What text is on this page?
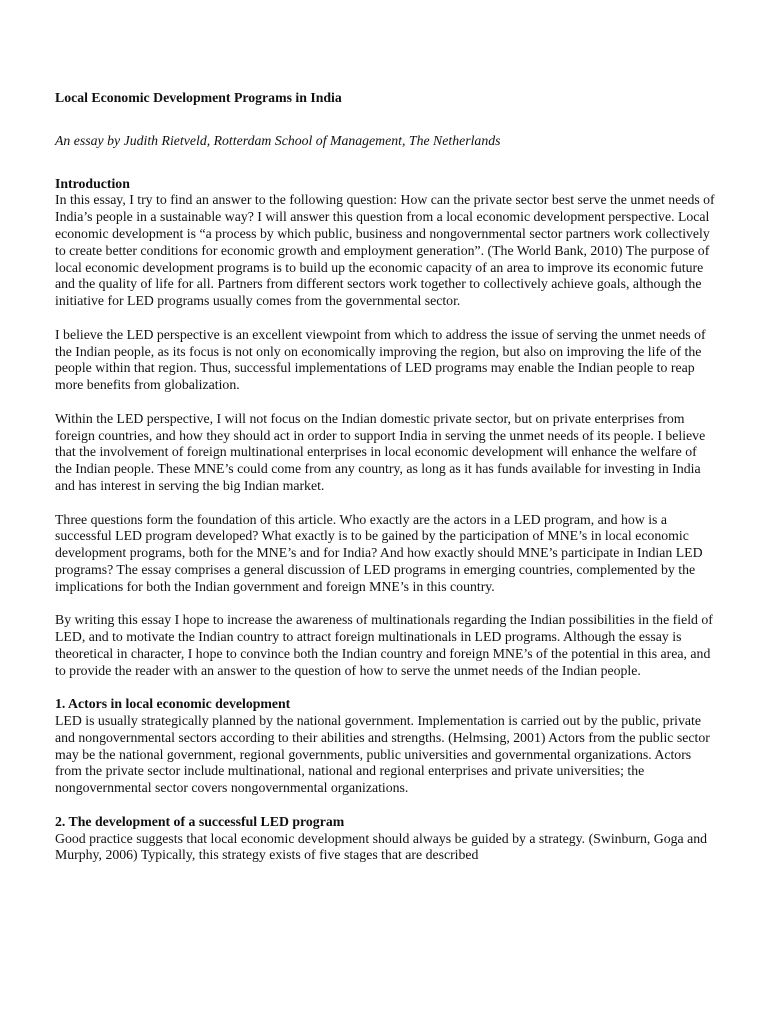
Local Economic Development Programs in India

An essay by Judith Rietveld, Rotterdam School of Management, The Netherlands

Introduction

In this essay, I try to find an answer to the following question: How can the private sector best serve the unmet needs of India’s people in a sustainable way? I will answer this question from a local economic development perspective. Local economic development is “a process by which public, business and nongovernmental sector partners work collectively to create better conditions for economic growth and employment generation”. (The World Bank, 2010) The purpose of local economic development programs is to build up the economic capacity of an area to improve its economic future and the quality of life for all. Partners from different sectors work together to collectively achieve goals, although the initiative for LED programs usually comes from the governmental sector.

I believe the LED perspective is an excellent viewpoint from which to address the issue of serving the unmet needs of the Indian people, as its focus is not only on economically improving the region, but also on improving the life of the people within that region. Thus, successful implementations of LED programs may enable the Indian people to reap more benefits from globalization.

Within the LED perspective, I will not focus on the Indian domestic private sector, but on private enterprises from foreign countries, and how they should act in order to support India in serving the unmet needs of its people. I believe that the involvement of foreign multinational enterprises in local economic development will enhance the welfare of the Indian people. These MNE’s could come from any country, as long as it has funds available for investing in India and has interest in serving the big Indian market.

Three questions form the foundation of this article. Who exactly are the actors in a LED program, and how is a successful LED program developed? What exactly is to be gained by the participation of MNE’s in local economic development programs, both for the MNE’s and for India? And how exactly should MNE’s participate in Indian LED programs? The essay comprises a general discussion of LED programs in emerging countries, complemented by the implications for both the Indian government and foreign MNE’s in this country.

By writing this essay I hope to increase the awareness of multinationals regarding the Indian possibilities in the field of LED, and to motivate the Indian country to attract foreign multinationals in LED programs. Although the essay is theoretical in character, I hope to convince both the Indian country and foreign MNE’s of the potential in this area, and to provide the reader with an answer to the question of how to serve the unmet needs of the Indian people.

1. Actors in local economic development

LED is usually strategically planned by the national government. Implementation is carried out by the public, private and nongovernmental sectors according to their abilities and strengths. (Helmsing, 2001) Actors from the public sector may be the national government, regional governments, public universities and governmental organizations. Actors from the private sector include multinational, national and regional enterprises and private universities; the nongovernmental sector covers nongovernmental organizations.

2. The development of a successful LED program

Good practice suggests that local economic development should always be guided by a strategy. (Swinburn, Goga and Murphy, 2006) Typically, this strategy exists of five stages that are described
